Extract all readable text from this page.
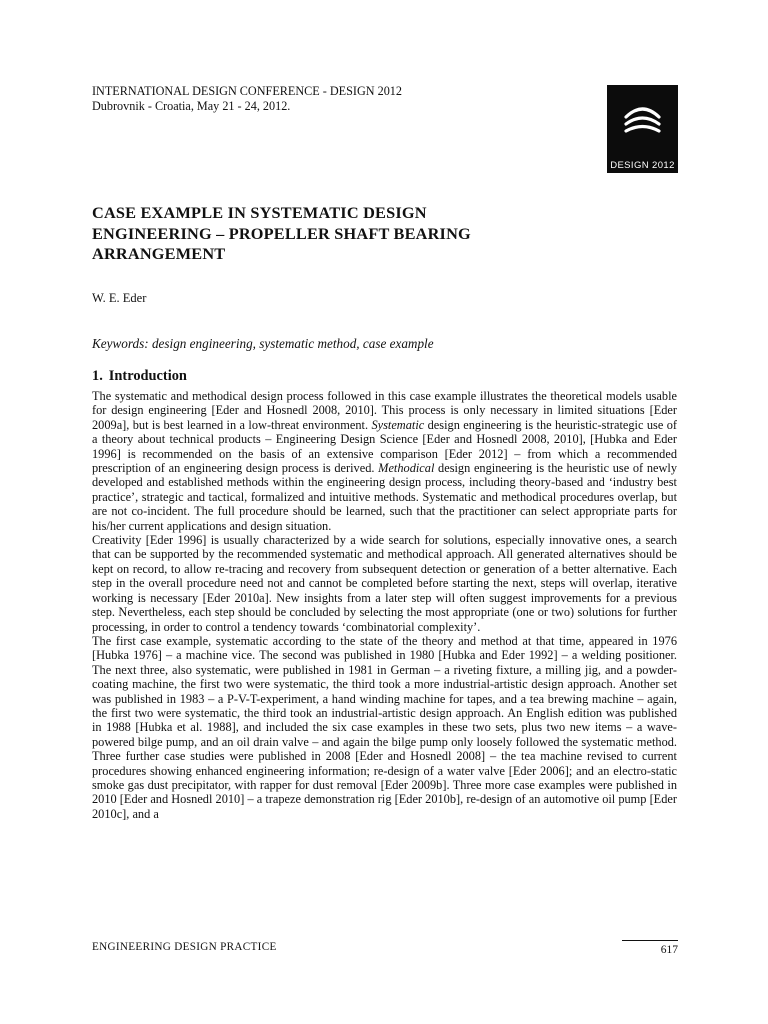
INTERNATIONAL DESIGN CONFERENCE - DESIGN 2012
Dubrovnik - Croatia, May 21 - 24, 2012.
DESIGN 2012
CASE EXAMPLE IN SYSTEMATIC DESIGN
ENGINEERING – PROPELLER SHAFT BEARING
ARRANGEMENT
W. E. Eder
Keywords: design engineering, systematic method, case example
1. Introduction

The systematic and methodical design process followed in this case example illustrates the theoretical models usable for design engineering [Eder and Hosnedl 2008, 2010]. This process is only necessary in limited situations [Eder 2009a], but is best learned in a low-threat environment. Systematic design engineering is the heuristic-strategic use of a theory about technical products – Engineering Design Science [Eder and Hosnedl 2008, 2010], [Hubka and Eder 1996] is recommended on the basis of an extensive comparison [Eder 2012] – from which a recommended prescription of an engineering design process is derived. Methodical design engineering is the heuristic use of newly developed and established methods within the engineering design process, including theory-based and ‘industry best practice’, strategic and tactical, formalized and intuitive methods. Systematic and methodical procedures overlap, but are not co-incident. The full procedure should be learned, such that the practitioner can select appropriate parts for his/her current applications and design situation.

Creativity [Eder 1996] is usually characterized by a wide search for solutions, especially innovative ones, a search that can be supported by the recommended systematic and methodical approach. All generated alternatives should be kept on record, to allow re-tracing and recovery from subsequent detection or generation of a better alternative. Each step in the overall procedure need not and cannot be completed before starting the next, steps will overlap, iterative working is necessary [Eder 2010a]. New insights from a later step will often suggest improvements for a previous step. Nevertheless, each step should be concluded by selecting the most appropriate (one or two) solutions for further processing, in order to control a tendency towards ‘combinatorial complexity’.

The first case example, systematic according to the state of the theory and method at that time, appeared in 1976 [Hubka 1976] – a machine vice. The second was published in 1980 [Hubka and Eder 1992] – a welding positioner. The next three, also systematic, were published in 1981 in German – a riveting fixture, a milling jig, and a powder-coating machine, the first two were systematic, the third took a more industrial-artistic design approach. Another set was published in 1983 – a P-V-T-experiment, a hand winding machine for tapes, and a tea brewing machine – again, the first two were systematic, the third took an industrial-artistic design approach. An English edition was published in 1988 [Hubka et al. 1988], and included the six case examples in these two sets, plus two new items – a wave-powered bilge pump, and an oil drain valve – and again the bilge pump only loosely followed the systematic method. Three further case studies were published in 2008 [Eder and Hosnedl 2008] – the tea machine revised to current procedures showing enhanced engineering information; re-design of a water valve [Eder 2006]; and an electro-static smoke gas dust precipitator, with rapper for dust removal [Eder 2009b]. Three more case examples were published in 2010 [Eder and Hosnedl 2010] – a trapeze demonstration rig [Eder 2010b], re-design of an automotive oil pump [Eder 2010c], and a

ENGINEERING DESIGN PRACTICE	617
